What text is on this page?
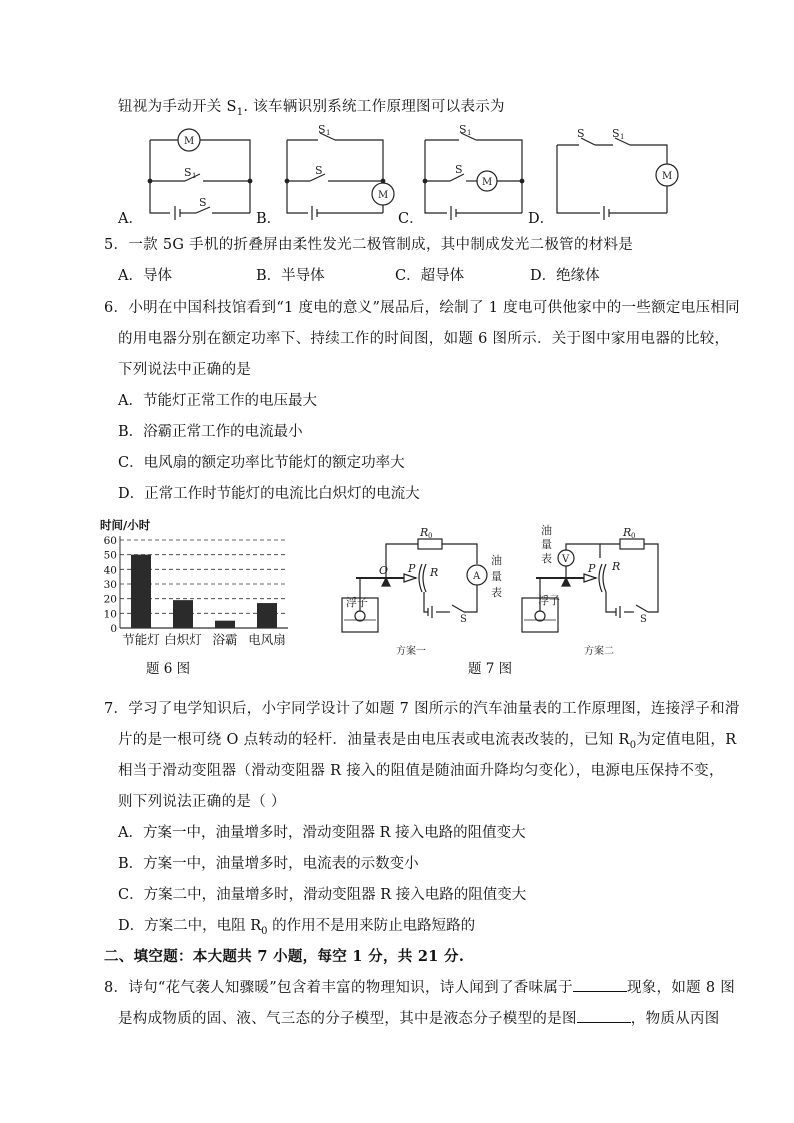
钮视为手动开关 $S_1$. 该车辆识别系统工作原理图可以表示为
M
S 1
S
M
S 1
S
M
S 1
S
M
S S 1
A．	B．	C．	D．
5．一款 5G 手机的折叠屏由柔性发光二极管制成，其中制成发光二极管的材料是
A．导体	B．半导体	C．超导体	D．绝缘体
6．小明在中国科技馆看到“1 度电的意义”展品后，绘制了 1 度电可供他家中的一些额定电压相同
的用电器分别在额定功率下、持续工作的时间图，如题 6 图所示．关于图中家用电器的比较，
下列说法中正确的是
A．节能灯正常工作的电压最大
B．浴霸正常工作的电流最小
C．电风扇的额定功率比节能灯的额定功率大
D．正常工作时节能灯的电流比白炽灯的电流大
时间/小时
0
10
20
30
40
50
60
节能灯 白炽灯 浴霸 电风扇
题 6 图
R 0
O P R	A
S
油
量
表
浮子
方案一
V
油
量
表
R 0
P R
S
浮子
方案二
题 7 图
7．学习了电学知识后，小宇同学设计了如题 7 图所示的汽车油量表的工作原理图，连接浮子和滑
片的是一根可绕 O 点转动的轻杆．油量表是由电压表或电流表改装的，已知 $R_0$为定值电阻，R
相当于滑动变阻器（滑动变阻器 R 接入的阻值是随油面升降均匀变化），电源电压保持不变，
则下列说法正确的是（ ）
A．方案一中，油量增多时，滑动变阻器 R 接入电路的阻值变大
B．方案一中，油量增多时，电流表的示数变小
C．方案二中，油量增多时，滑动变阻器 R 接入电路的阻值变大
D．方案二中，电阻 $R_0$ 的作用不是用来防止电路短路的
二、填空题：本大题共 7 小题，每空 1 分，共 21 分.
8．诗句“花气袭人知骤暖”包含着丰富的物理知识，诗人闻到了香味属于	现象，如题 8 图
是构成物质的固、液、气三态的分子模型，其中是液态分子模型的是图	，物质从丙图
